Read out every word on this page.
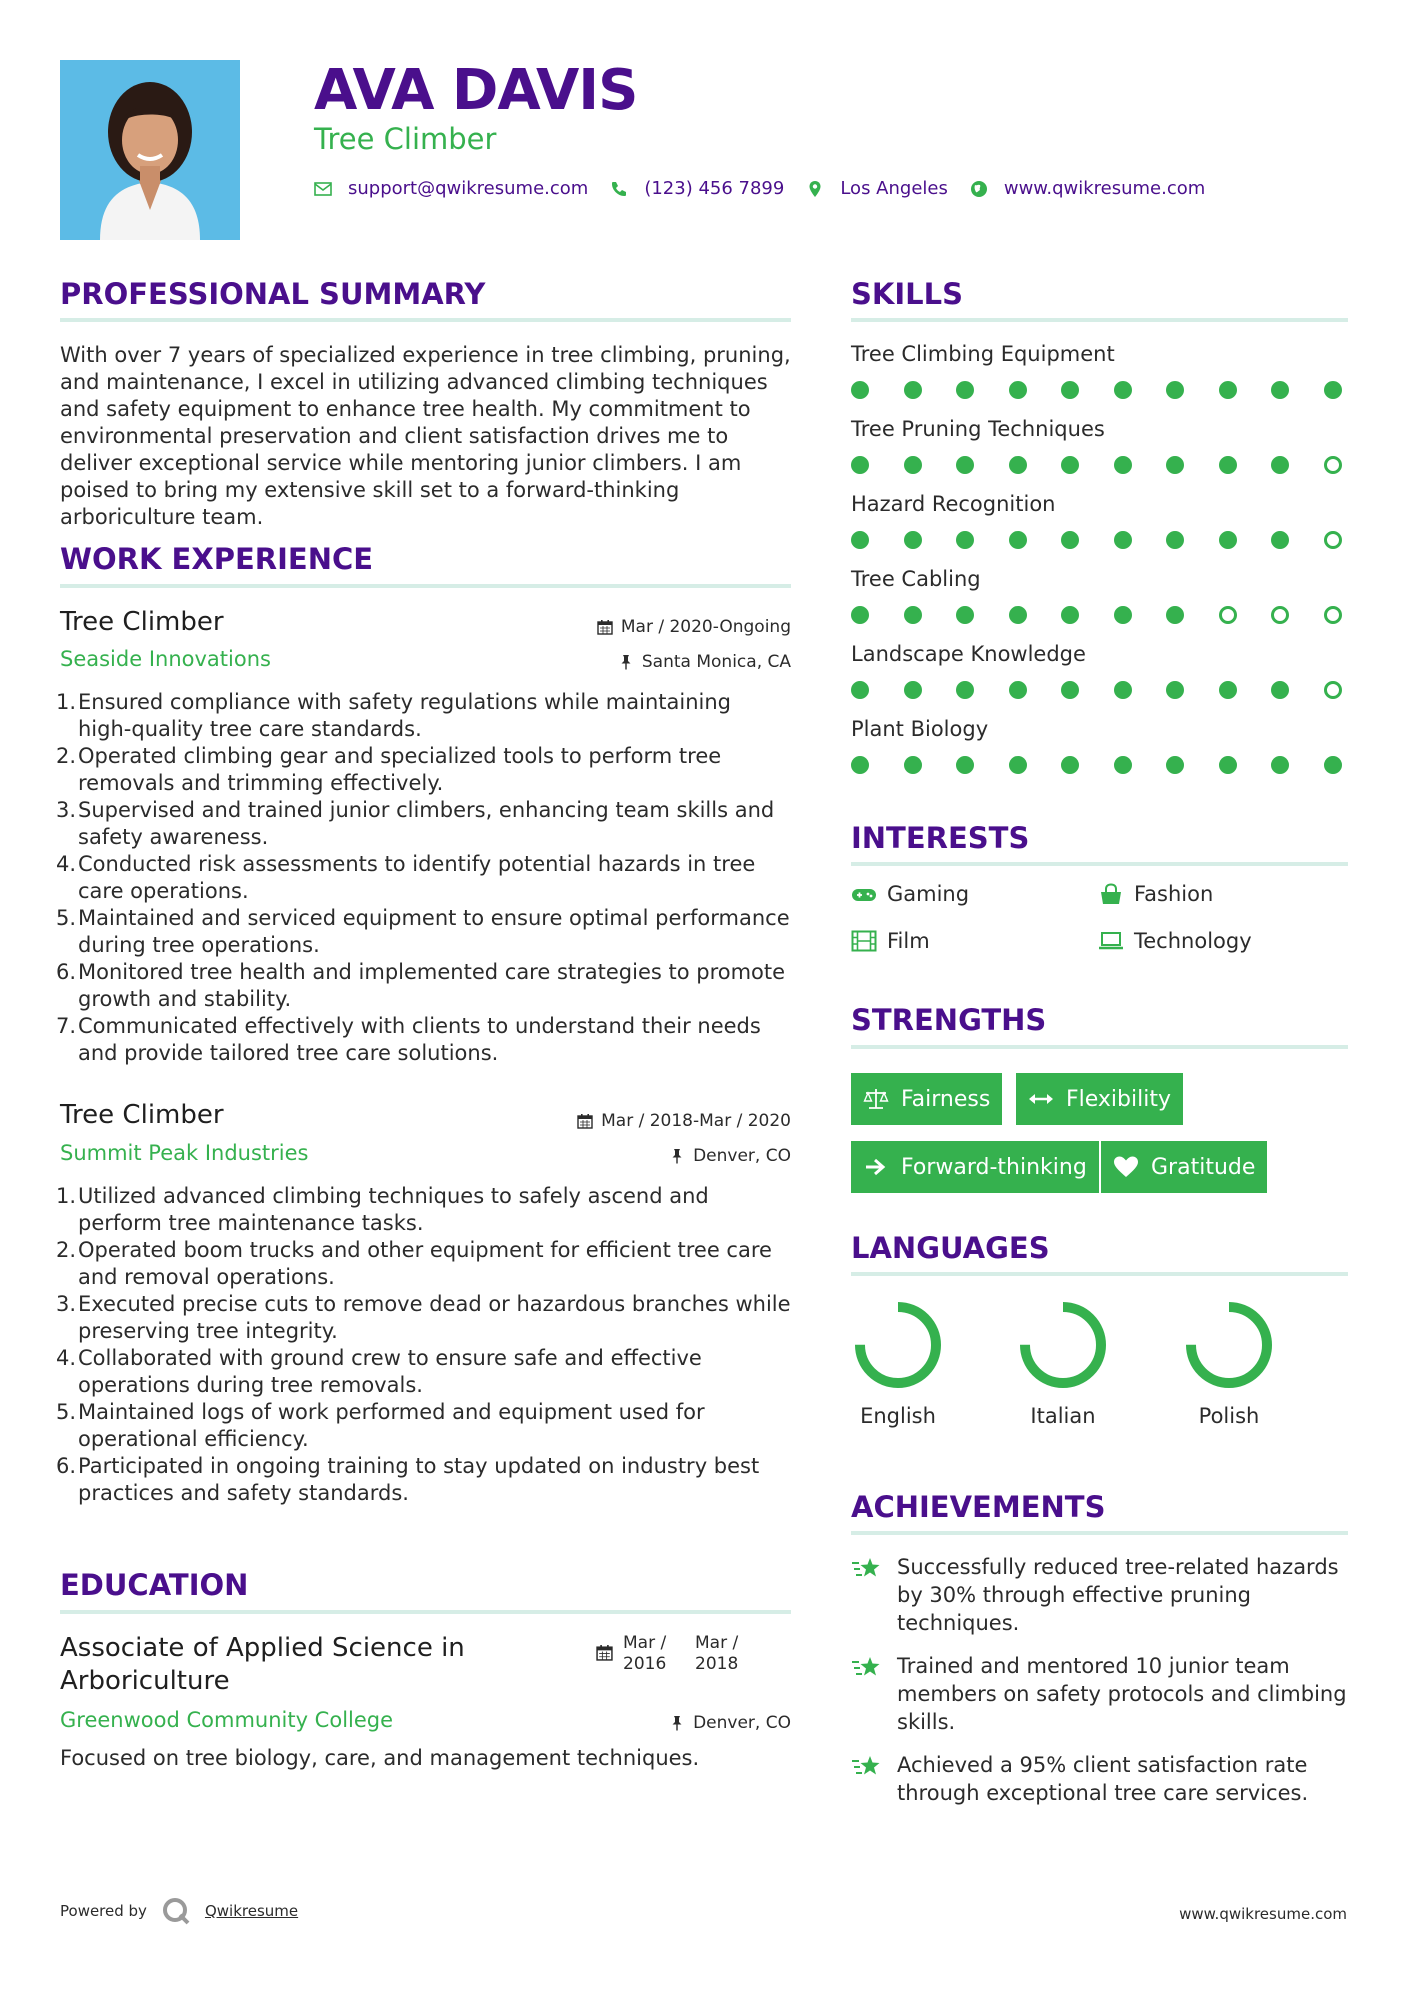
AVA DAVIS
Tree Climber
support@qwikresume.com	(123) 456 7899	Los Angeles	www.qwikresume.com
PROFESSIONAL SUMMARY
With over 7 years of specialized experience in tree climbing, pruning, and maintenance, I excel in utilizing advanced climbing techniques and safety equipment to enhance tree health. My commitment to environmental preservation and client satisfaction drives me to deliver exceptional service while mentoring junior climbers. I am poised to bring my extensive skill set to a forward-thinking arboriculture team.
WORK EXPERIENCE
Tree Climber	Mar / 2020-Ongoing
Seaside Innovations	Santa Monica, CA
1. Ensured compliance with safety regulations while maintaining high-quality tree care standards.
2. Operated climbing gear and specialized tools to perform tree removals and trimming effectively.
3. Supervised and trained junior climbers, enhancing team skills and safety awareness.
4. Conducted risk assessments to identify potential hazards in tree care operations.
5. Maintained and serviced equipment to ensure optimal performance during tree operations.
6. Monitored tree health and implemented care strategies to promote growth and stability.
7. Communicated effectively with clients to understand their needs and provide tailored tree care solutions.
Tree Climber	Mar / 2018-Mar / 2020
Summit Peak Industries	Denver, CO
1. Utilized advanced climbing techniques to safely ascend and perform tree maintenance tasks.
2. Operated boom trucks and other equipment for efficient tree care and removal operations.
3. Executed precise cuts to remove dead or hazardous branches while preserving tree integrity.
4. Collaborated with ground crew to ensure safe and effective operations during tree removals.
5. Maintained logs of work performed and equipment used for operational efficiency.
6. Participated in ongoing training to stay updated on industry best practices and safety standards.
EDUCATION
Associate of Applied Science in Arboriculture
Mar /
2016
Mar /
2018
Greenwood Community College	Denver, CO
Focused on tree biology, care, and management techniques.
SKILLS
Tree Climbing Equipment
Tree Pruning Techniques
Hazard Recognition
Tree Cabling
Landscape Knowledge
Plant Biology
INTERESTS
Gaming	Fashion
Film	Technology
STRENGTHS
Fairness	Flexibility
Forward-thinking	Gratitude
LANGUAGES
English	Italian	Polish
ACHIEVEMENTS
Successfully reduced tree-related hazards by 30% through effective pruning techniques.
Trained and mentored 10 junior team members on safety protocols and climbing skills.
Achieved a 95% client satisfaction rate through exceptional tree care services.
Powered by	Qwikresume	www.qwikresume.com
